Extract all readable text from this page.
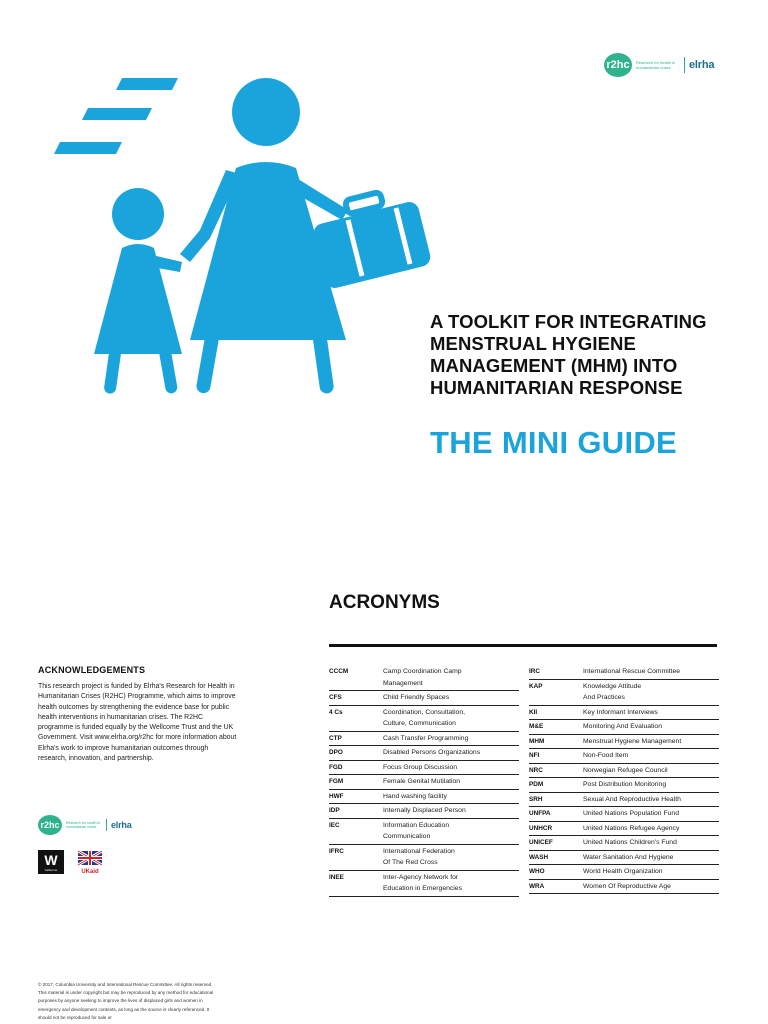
r2hc	Research for health in humanitarian crises	elrha
A TOOLKIT FOR INTEGRATING
MENSTRUAL HYGIENE
MANAGEMENT (MHM) INTO
HUMANITARIAN RESPONSE
THE MINI GUIDE
ACRONYMS
CCCM	Camp Coordination Camp
Management
CFS	Child Friendly Spaces
4 Cs	Coordination, Consultation,
Culture, Communication
CTP	Cash Transfer Programming
DPO	Disabled Persons Organizations
FGD	Focus Group Discussion
FGM	Female Genital Mutilation
HWF	Hand washing facility
IDP	Internally Displaced Person
IEC	Information Education
Communication
IFRC	International Federation
Of The Red Cross
INEE	Inter-Agency Network for
Education in Emergencies
IRC	International Rescue Committee
KAP	Knowledge Attitude
And Practices
KII	Key Informant Interviews
M&E	Monitoring And Evaluation
MHM	Menstrual Hygiene Management
NFI	Non-Food Item
NRC	Norwegian Refugee Council
PDM	Post Distribution Monitoring
SRH	Sexual And Reproductive Health
UNFPA	United Nations Population Fund
UNHCR	United Nations Refugee Agency
UNICEF	United Nations Children's Fund
WASH	Water Sanitation And Hygiene
WHO	World Health Organization
WRA	Women Of Reproductive Age
ACKNOWLEDGEMENTS
This research project is funded by Elrha's Research for Health in Humanitarian Crises (R2HC) Programme, which aims to improve health outcomes by strengthening the evidence base for public health interventions in humanitarian crises. The R2HC programme is funded equally by the Wellcome Trust and the UK Government. Visit www.elrha.org/r2hc for more information about Elrha's work to improve humanitarian outcomes through research, innovation, and partnership.
r2hc	Research for health in humanitarian crises	elrha
W
wellcome	UKaid
© 2017, Columbia University and International Rescue Committee. All rights reserved. This material is under copyright but may be reproduced by any method for educational purposes by anyone seeking to improve the lives of displaced girls and women in emergency and development contexts, as long as the source is clearly referenced. It should not be reproduced for sale or
